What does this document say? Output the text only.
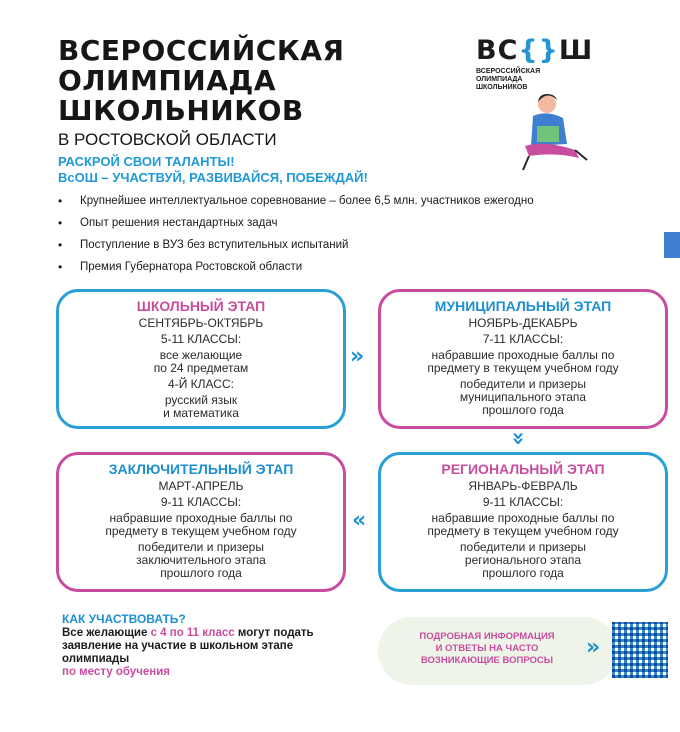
ВСЕРОССИЙСКАЯ
ОЛИМПИАДА
ШКОЛЬНИКОВ
В РОСТОВСКОЙ ОБЛАСТИ
ВС{}Ш
ВСЕРОССИЙСКАЯ
ОЛИМПИАДА
ШКОЛЬНИКОВ
РАСКРОЙ СВОИ ТАЛАНТЫ!
ВсОШ – УЧАСТВУЙ, РАЗВИВАЙСЯ, ПОБЕЖДАЙ!
• Крупнейшее интеллектуальное соревнование – более 6,5 млн. участников ежегодно
• Опыт решения нестандартных задач
• Поступление в ВУЗ без вступительных испытаний
• Премия Губернатора Ростовской области
ШКОЛЬНЫЙ ЭТАП
СЕНТЯБРЬ-ОКТЯБРЬ
5-11 КЛАССЫ:
все желающие
по 24 предметам
4-Й КЛАСС:
русский язык
и математика
»
МУНИЦИПАЛЬНЫЙ ЭТАП
НОЯБРЬ-ДЕКАБРЬ
7-11 КЛАССЫ:
набравшие проходные баллы по
предмету в текущем учебном году
победители и призеры
муниципального этапа
прошлого года
»
ЗАКЛЮЧИТЕЛЬНЫЙ ЭТАП
МАРТ-АПРЕЛЬ
9-11 КЛАССЫ:
набравшие проходные баллы по
предмету в текущем учебном году
победители и призеры
заключительного этапа
прошлого года
«
РЕГИОНАЛЬНЫЙ ЭТАП
ЯНВАРЬ-ФЕВРАЛЬ
9-11 КЛАССЫ:
набравшие проходные баллы по
предмету в текущем учебном году
победители и призеры
регионального этапа
прошлого года
КАК УЧАСТВОВАТЬ?
Все желающие с 4 по 11 класс могут подать заявление на участие в школьном этапе олимпиады
по месту обучения
ПОДРОБНАЯ ИНФОРМАЦИЯ
И ОТВЕТЫ НА ЧАСТО
ВОЗНИКАЮЩИЕ ВОПРОСЫ
»
